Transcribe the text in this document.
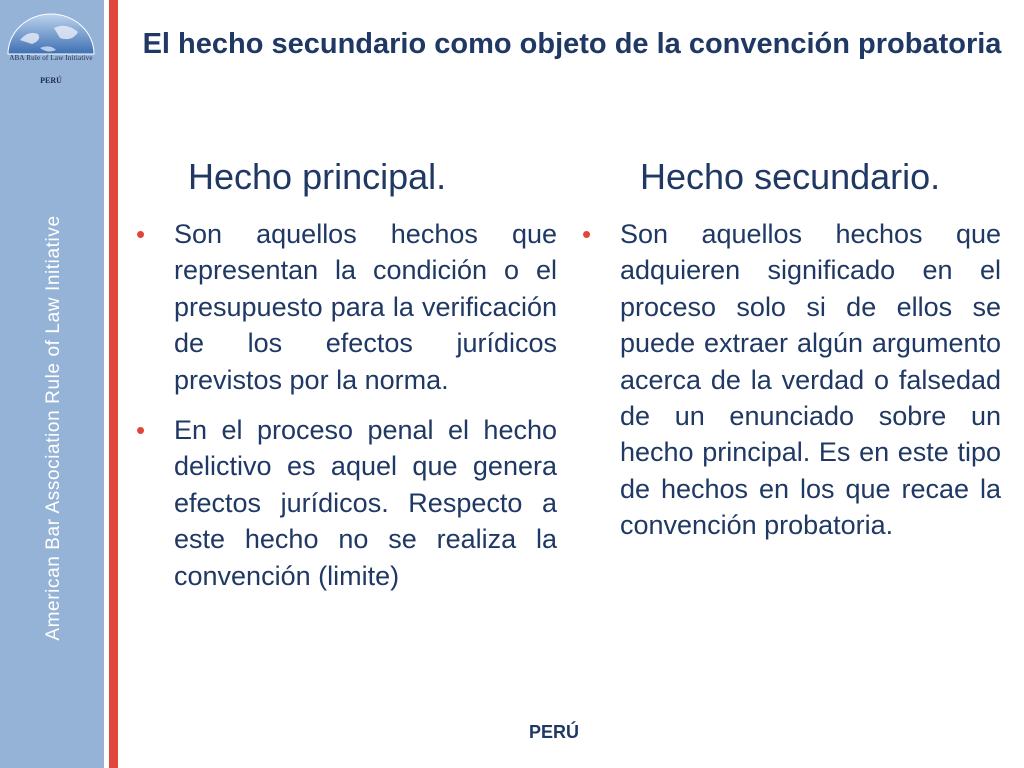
ABA Rule of Law Initiative
PERÚ
American Bar Association Rule of Law Initiative
El hecho secundario como objeto de la convención probatoria
Hecho principal.	Hecho secundario.
• Son aquellos hechos que representan la condición o el presupuesto para la verificación de los efectos jurídicos previstos por la norma.
• En el proceso penal el hecho delictivo es aquel que genera efectos jurídicos. Respecto a este hecho no se realiza la convención (limite)
• Son aquellos hechos que adquieren significado en el proceso solo si de ellos se puede extraer algún argumento acerca de la verdad o falsedad de un enunciado sobre un hecho principal. Es en este tipo de hechos en los que recae la convención probatoria.
PERÚ
